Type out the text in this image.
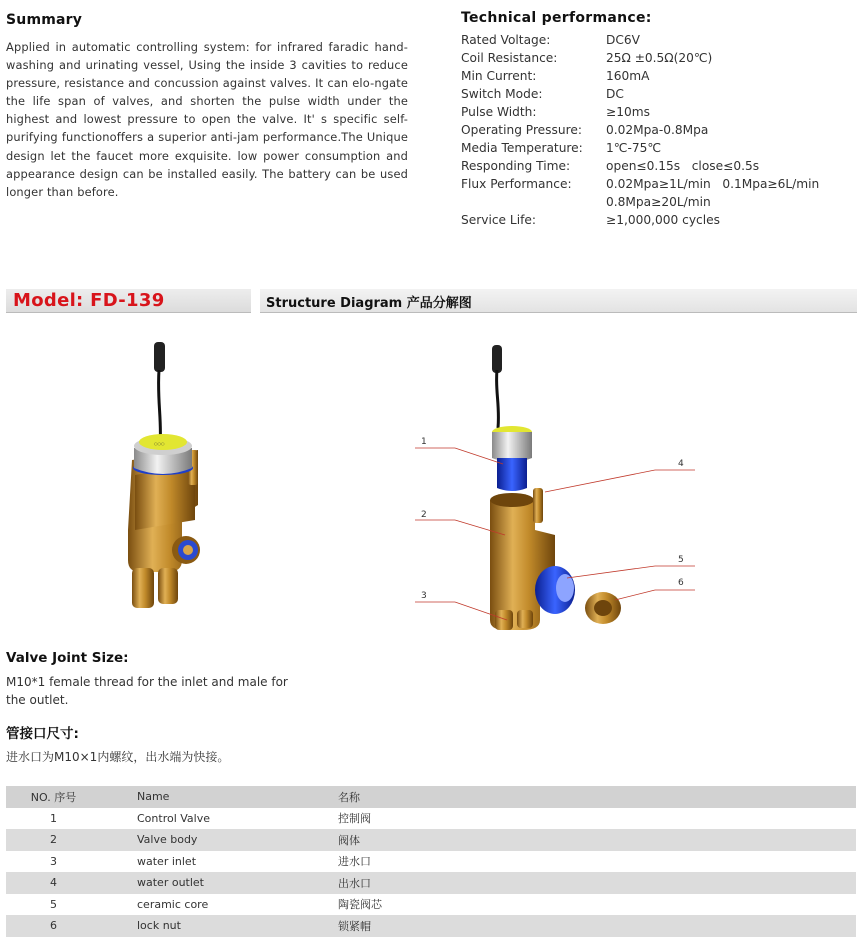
Summary

Applied in automatic controlling system: for infrared faradic hand-washing and urinating vessel, Using the inside 3 cavities to reduce pressure, resistance and concussion against valves. It can elo-ngate the life span of valves, and shorten the pulse width under the highest and lowest pressure to open the valve. It' s specific self-purifying functionoffers a superior anti-jam performance.The Unique design let the faucet more exquisite. low power consumption and appearance design can be installed easily. The battery can be used longer than before.

Technical performance:
Rated Voltage:	DC6V
Coil Resistance:	25Ω ±0.5Ω(20℃)
Min Current:	160mA
Switch Mode:	DC
Pulse Width:	≥10ms
Operating Pressure:	0.02Mpa-0.8Mpa
Media Temperature:	1℃-75℃
Responding Time:	open≤0.15s   close≤0.5s
Flux Performance:	0.02Mpa≥1L/min   0.1Mpa≥6L/min
0.8Mpa≥20L/min
Service Life:	≥1,000,000 cycles
Model: FD-139	Structure Diagram 产品分解图
○○○	1
2
3
4
5
6
Valve Joint Size:

M10*1 female thread for the inlet and male for the outlet.

管接口尺寸:

进水口为M10×1内螺纹，出水端为快接。

NO. 序号	Name	名称
1	Control Valve	控制阀
2	Valve body	阀体
3	water inlet	进水口
4	water outlet	出水口
5	ceramic core	陶瓷阀芯
6	lock nut	锁紧帽
